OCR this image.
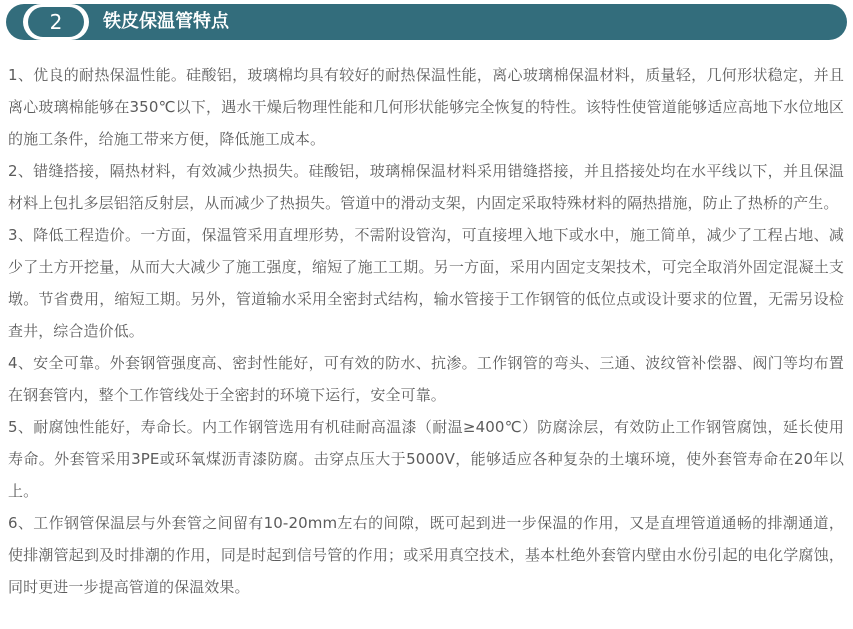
2	铁皮保温管特点

1、优良的耐热保温性能。硅酸铝，玻璃棉均具有较好的耐热保温性能，离心玻璃棉保温材料，质量轻，几何形状稳定，并且离心玻璃棉能够在350℃以下，遇水干燥后物理性能和几何形状能够完全恢复的特性。该特性使管道能够适应高地下水位地区的施工条件，给施工带来方便，降低施工成本。

2、错缝搭接，隔热材料，有效减少热损失。硅酸铝，玻璃棉保温材料采用错缝搭接，并且搭接处均在水平线以下，并且保温材料上包扎多层铝箔反射层，从而减少了热损失。管道中的滑动支架，内固定采取特殊材料的隔热措施，防止了热桥的产生。

3、降低工程造价。一方面，保温管采用直埋形势，不需附设管沟，可直接埋入地下或水中，施工简单，减少了工程占地、减少了土方开挖量，从而大大减少了施工强度，缩短了施工工期。另一方面，采用内固定支架技术，可完全取消外固定混凝土支墩。节省费用，缩短工期。另外，管道输水采用全密封式结构，输水管接于工作钢管的低位点或设计要求的位置，无需另设检查井，综合造价低。

4、安全可靠。外套钢管强度高、密封性能好，可有效的防水、抗渗。工作钢管的弯头、三通、波纹管补偿器、阀门等均布置在钢套管内，整个工作管线处于全密封的环境下运行，安全可靠。

5、耐腐蚀性能好，寿命长。内工作钢管选用有机硅耐高温漆（耐温≥400℃）防腐涂层，有效防止工作钢管腐蚀，延长使用寿命。外套管采用3PE或环氧煤沥青漆防腐。击穿点压大于5000V，能够适应各种复杂的土壤环境，使外套管寿命在20年以上。

6、工作钢管保温层与外套管之间留有10-20mm左右的间隙，既可起到进一步保温的作用，又是直埋管道通畅的排潮通道，使排潮管起到及时排潮的作用，同是时起到信号管的作用；或采用真空技术，基本杜绝外套管内壁由水份引起的电化学腐蚀，同时更进一步提高管道的保温效果。
